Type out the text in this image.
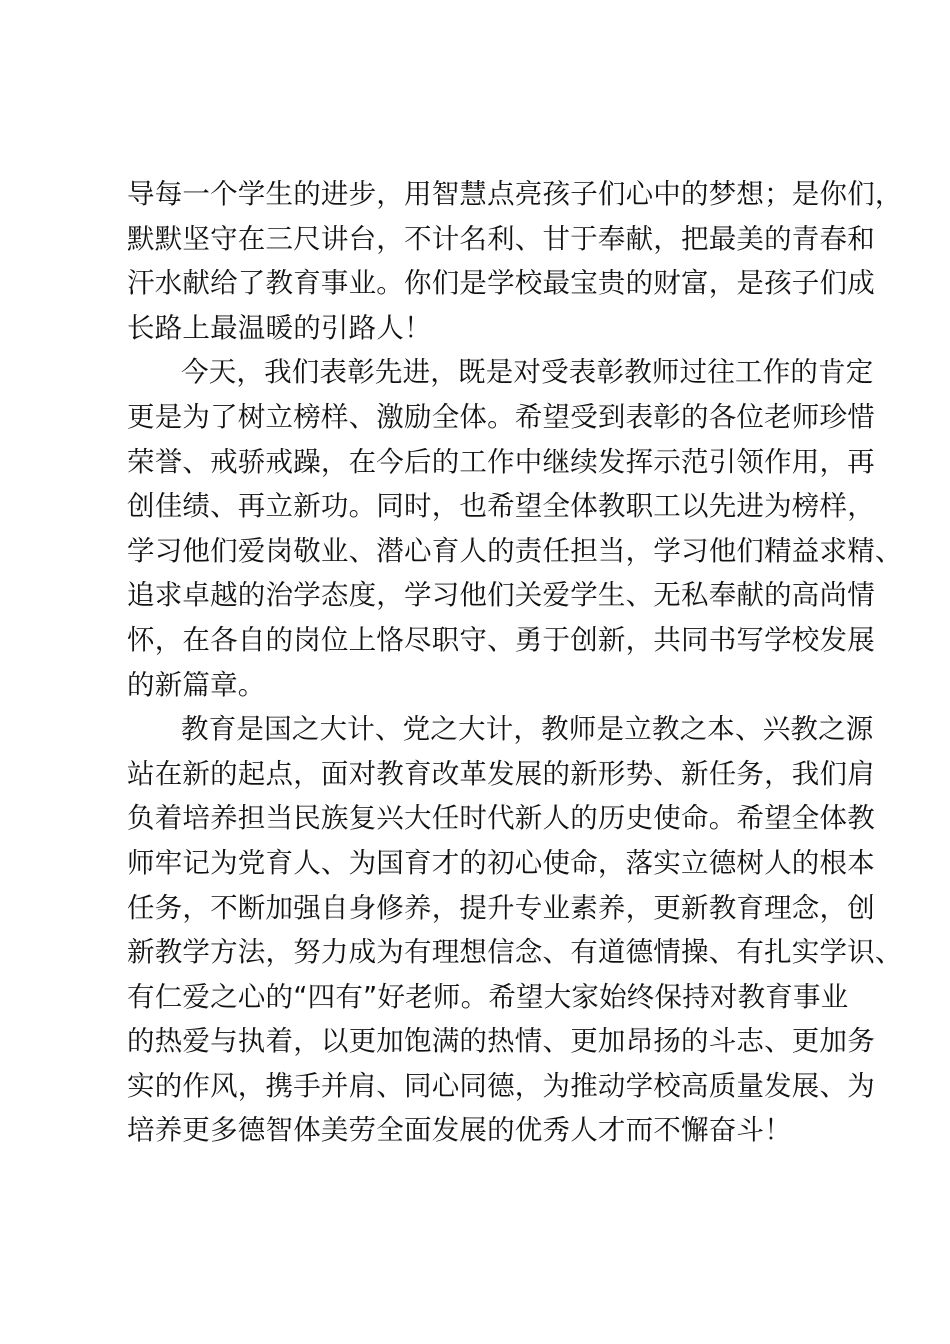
导每一个学生的进步，用智慧点亮孩子们心中的梦想；是你们，
默默坚守在三尺讲台，不计名利、甘于奉献，把最美的青春和
汗水献给了教育事业。你们是学校最宝贵的财富，是孩子们成
长路上最温暖的引路人！
今天，我们表彰先进，既是对受表彰教师过往工作的肯定
更是为了树立榜样、激励全体。希望受到表彰的各位老师珍惜
荣誉、戒骄戒躁，在今后的工作中继续发挥示范引领作用，再
创佳绩、再立新功。同时，也希望全体教职工以先进为榜样，
学习他们爱岗敬业、潜心育人的责任担当，学习他们精益求精、
追求卓越的治学态度，学习他们关爱学生、无私奉献的高尚情
怀，在各自的岗位上恪尽职守、勇于创新，共同书写学校发展
的新篇章。
教育是国之大计、党之大计，教师是立教之本、兴教之源
站在新的起点，面对教育改革发展的新形势、新任务，我们肩
负着培养担当民族复兴大任时代新人的历史使命。希望全体教
师牢记为党育人、为国育才的初心使命，落实立德树人的根本
任务，不断加强自身修养，提升专业素养，更新教育理念，创
新教学方法，努力成为有理想信念、有道德情操、有扎实学识、
有仁爱之心的“四有”好老师。希望大家始终保持对教育事业
的热爱与执着，以更加饱满的热情、更加昂扬的斗志、更加务
实的作风，携手并肩、同心同德，为推动学校高质量发展、为
培养更多德智体美劳全面发展的优秀人才而不懈奋斗！
